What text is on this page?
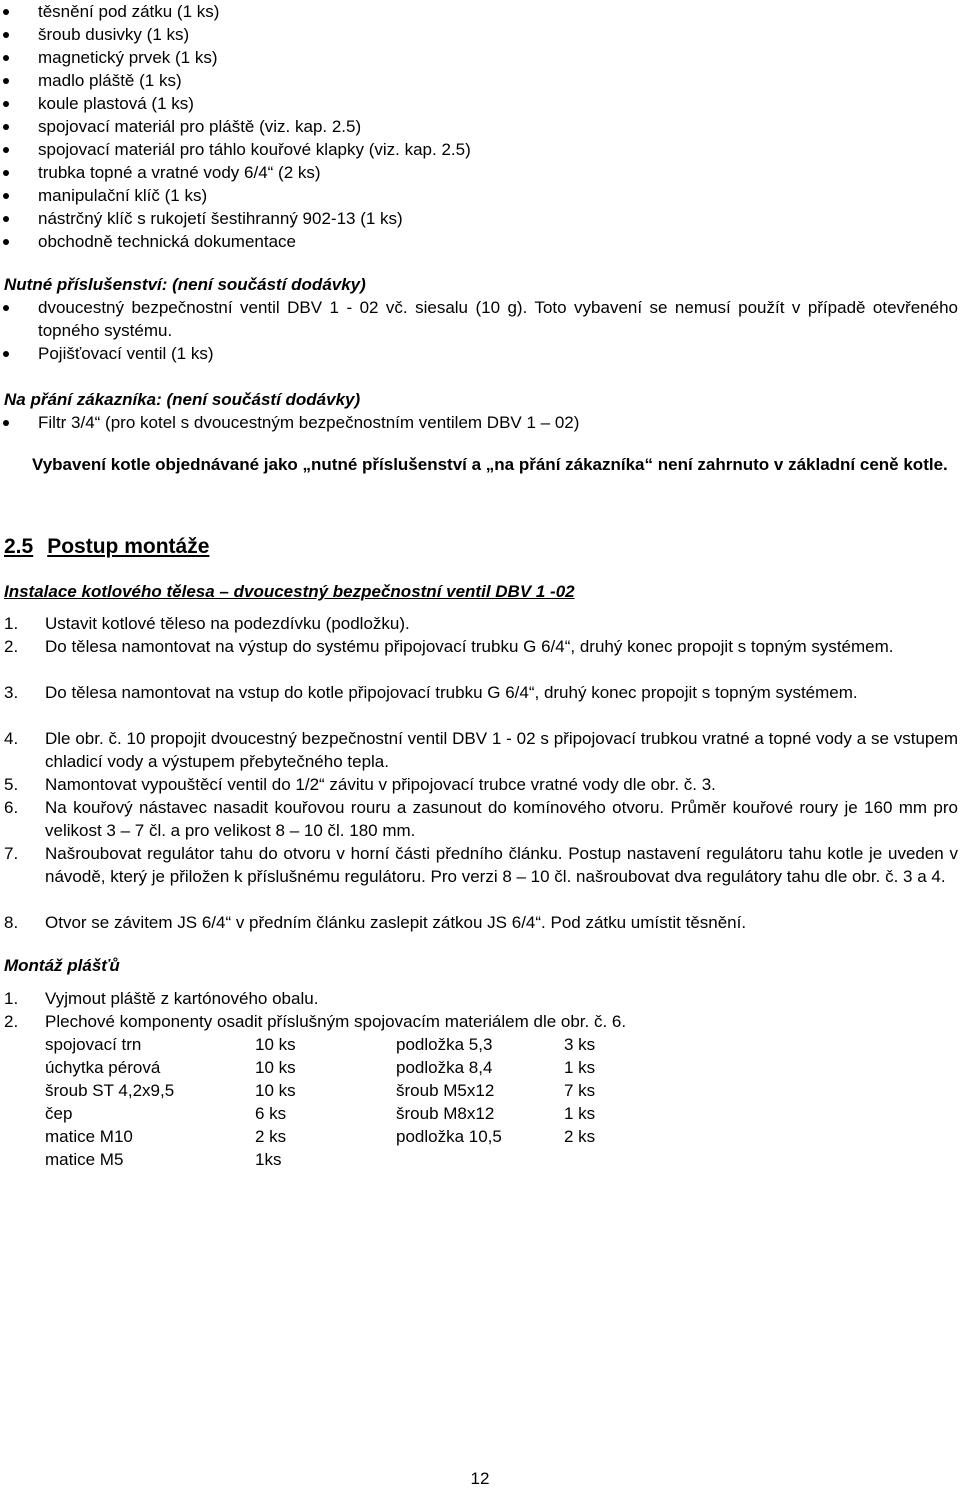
těsnění pod zátku (1 ks)
šroub dusivky (1 ks)
magnetický prvek (1 ks)
madlo pláště (1 ks)
koule plastová (1 ks)
spojovací materiál pro pláště (viz. kap. 2.5)
spojovací materiál pro táhlo kouřové klapky (viz. kap. 2.5)
trubka topné a vratné vody 6/4“ (2 ks)
manipulační klíč (1 ks)
nástrčný klíč s rukojetí šestihranný 902-13 (1 ks)
obchodně technická dokumentace
Nutné příslušenství: (není součástí dodávky)
dvoucestný bezpečnostní ventil DBV 1 - 02 vč. siesalu (10 g). Toto vybavení se nemusí použít v případě otevřeného topného systému.
Pojišťovací ventil (1 ks)
Na přání zákazníka: (není součástí dodávky)
Filtr 3/4“ (pro kotel s dvoucestným bezpečnostním ventilem DBV 1 – 02)
Vybavení kotle objednávané jako „nutné příslušenství a „na přání zákazníka“ není zahrnuto v základní ceně kotle.
2.5 Postup montáže
Instalace kotlového tělesa – dvoucestný bezpečnostní ventil DBV 1 -02
1. Ustavit kotlové těleso na podezdívku (podložku).
2. Do tělesa namontovat na výstup do systému připojovací trubku G 6/4“, druhý konec propojit s topným systémem.
3. Do tělesa namontovat na vstup do kotle připojovací trubku G 6/4“, druhý konec propojit s topným systémem.
4. Dle obr. č. 10 propojit dvoucestný bezpečnostní ventil DBV 1 - 02 s připojovací trubkou vratné a topné vody a se vstupem chladicí vody a výstupem přebytečného tepla.
5. Namontovat vypouštěcí ventil do 1/2“ závitu v připojovací trubce vratné vody dle obr. č. 3.
6. Na kouřový nástavec nasadit kouřovou rouru a zasunout do komínového otvoru. Průměr kouřové roury je 160 mm pro velikost 3 – 7 čl. a pro velikost 8 – 10 čl. 180 mm.
7. Našroubovat regulátor tahu do otvoru v horní části předního článku. Postup nastavení regulátoru tahu kotle je uveden v návodě, který je přiložen k příslušnému regulátoru. Pro verzi 8 – 10 čl. našroubovat dva regulátory tahu dle obr. č. 3 a 4.
8. Otvor se závitem JS 6/4“ v předním článku zaslepit zátkou JS 6/4“. Pod zátku umístit těsnění.
Montáž plášťů
1. Vyjmout pláště z kartónového obalu.
2. Plechové komponenty osadit příslušným spojovacím materiálem dle obr. č. 6.
spojovací trn	10 ks	podložka 5,3	3 ks
úchytka pérová	10 ks	podložka 8,4	1 ks
šroub ST 4,2x9,5	10 ks	šroub M5x12	7 ks
čep	6 ks	šroub M8x12	1 ks
matice M10	2 ks	podložka 10,5	2 ks
matice M5	1ks
12
